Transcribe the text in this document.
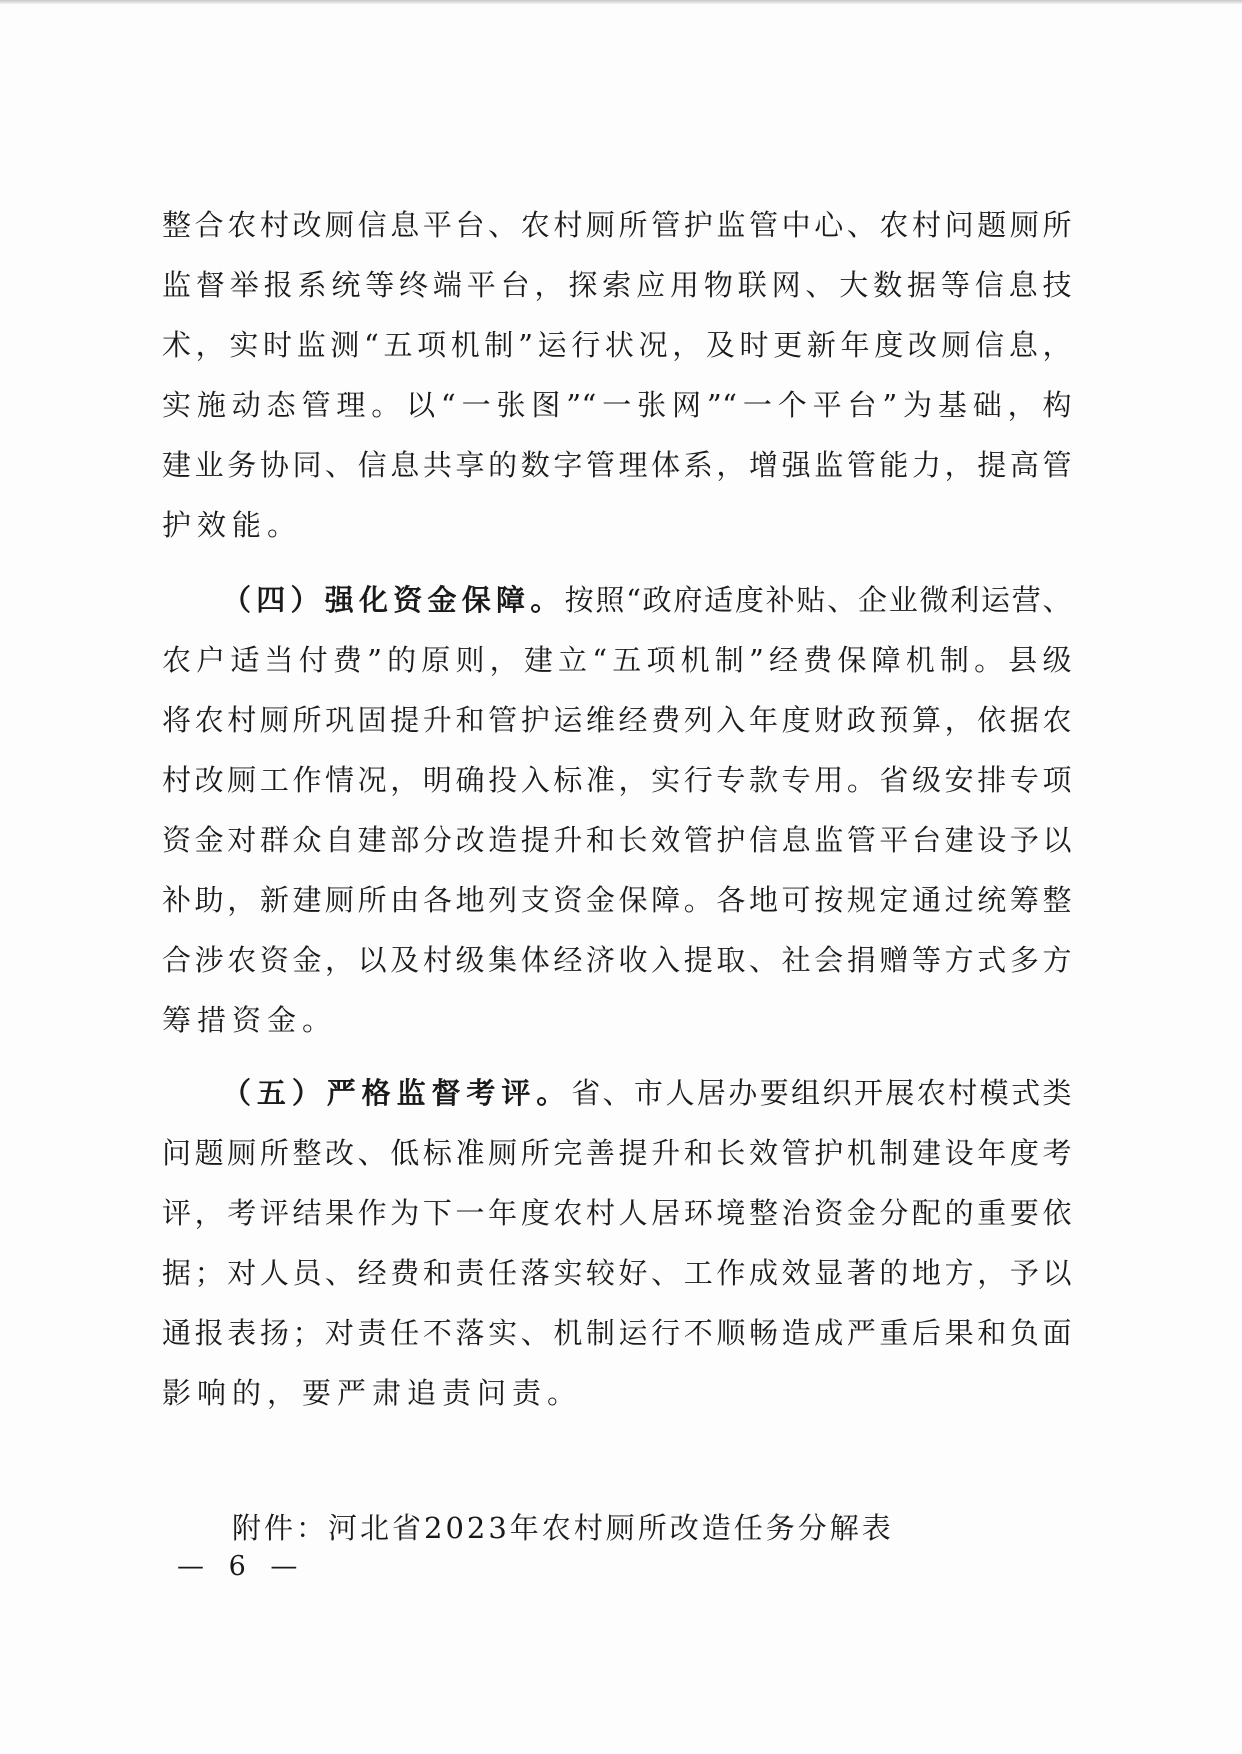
整合农村改厕信息平台、农村厕所管护监管中心、农村问题厕所
监督举报系统等终端平台，探索应用物联网、大数据等信息技
术，实时监测“五项机制”运行状况，及时更新年度改厕信息，
实施动态管理。以“一张图”“一张网”“一个平台”为基础，构
建业务协同、信息共享的数字管理体系，增强监管能力，提高管
护效能。
（四）强化资金保障。按照“政府适度补贴、企业微利运营、
农户适当付费”的原则，建立“五项机制”经费保障机制。县级
将农村厕所巩固提升和管护运维经费列入年度财政预算，依据农
村改厕工作情况，明确投入标准，实行专款专用。省级安排专项
资金对群众自建部分改造提升和长效管护信息监管平台建设予以
补助，新建厕所由各地列支资金保障。各地可按规定通过统筹整
合涉农资金，以及村级集体经济收入提取、社会捐赠等方式多方
筹措资金。
（五）严格监督考评。省、市人居办要组织开展农村模式类
问题厕所整改、低标准厕所完善提升和长效管护机制建设年度考
评，考评结果作为下一年度农村人居环境整治资金分配的重要依
据；对人员、经费和责任落实较好、工作成效显著的地方，予以
通报表扬；对责任不落实、机制运行不顺畅造成严重后果和负面
影响的，要严肃追责问责。
附件：河北省2023年农村厕所改造任务分解表
— 6 —
